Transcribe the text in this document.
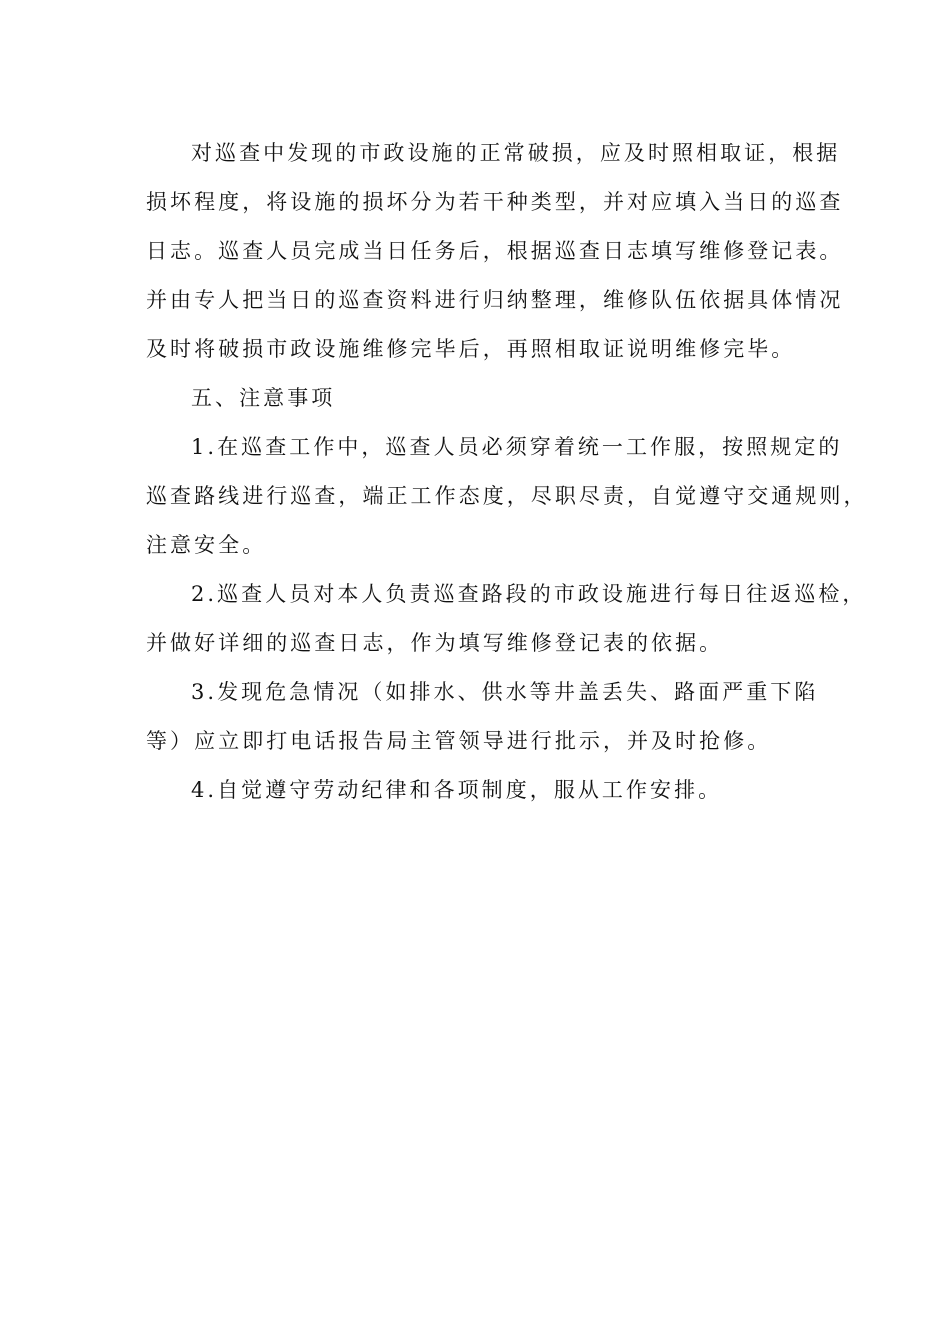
对巡查中发现的市政设施的正常破损，应及时照相取证，根据
损坏程度，将设施的损坏分为若干种类型，并对应填入当日的巡查
日志。巡查人员完成当日任务后，根据巡查日志填写维修登记表。
并由专人把当日的巡查资料进行归纳整理，维修队伍依据具体情况
及时将破损市政设施维修完毕后，再照相取证说明维修完毕。
五、注意事项
1.在巡查工作中，巡查人员必须穿着统一工作服，按照规定的
巡查路线进行巡查，端正工作态度，尽职尽责，自觉遵守交通规则，
注意安全。
2.巡查人员对本人负责巡查路段的市政设施进行每日往返巡检，
并做好详细的巡查日志，作为填写维修登记表的依据。
3.发现危急情况（如排水、供水等井盖丢失、路面严重下陷
等）应立即打电话报告局主管领导进行批示，并及时抢修。
4.自觉遵守劳动纪律和各项制度，服从工作安排。
